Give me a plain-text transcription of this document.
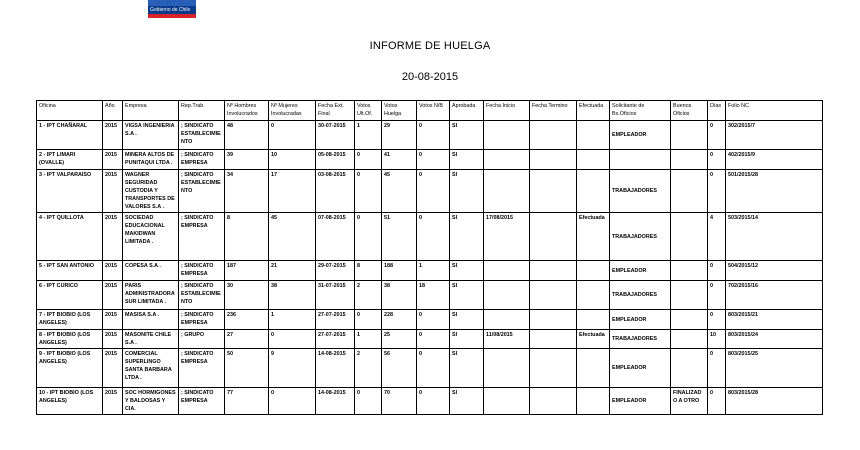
Gobierno de Chile
INFORME DE HUELGA
20-08-2015
Oficina	Año	Empresa	Rep.Trab.	Nº Hombres Involucrados	Nº Mujeres Involucradas	Fecha Ext. Final	Votos Ult.Of.	Votos Huelga	Votos N/B	Aprobada	Fecha Inicio	Fecha Termino	Efectuada	Solicitante de Bs.Oficios	Buenos Oficios	Días	Folio NC
1 - IPT CHAÑARAL	2015	VIGSA INGENIERIA S.A .	; SINDICATO ESTABLECIMIENTO	48	0	30-07-2015	1	29	0	SI				EMPLEADOR		0	302/2015/7
2 - IPT LIMARI (OVALLE)	2015	MINERA ALTOS DE PUNITAQUI LTDA .	; SINDICATO EMPRESA	39	10	05-08-2015	0	41	0	SI						0	402/2015/9
3 - IPT VALPARAISO	2015	WAGNER SEGURIDAD CUSTODIA Y TRANSPORTES DE VALORES S.A .	; SINDICATO ESTABLECIMIENTO	34	17	03-08-2015	0	45	0	SI				TRABAJADORES		0	501/2015/28
4 - IPT QUILLOTA	2015	SOCIEDAD EDUCACIONAL MAKIDWAN LIMITADA .	; SINDICATO EMPRESA	8	45	07-08-2015	0	51	0	SI	17/08/2015		Efectuada	TRABAJADORES		4	503/2015/14
5 - IPT SAN ANTONIO	2015	COPESA S.A .	; SINDICATO EMPRESA	187	21	29-07-2015	8	188	1	SI				EMPLEADOR		0	504/2015/12
6 - IPT CURICO	2015	PARIS ADMINISTRADORA SUR LIMITADA .	; SINDICATO ESTABLECIMIENTO	30	38	31-07-2015	2	38	18	SI				TRABAJADORES		0	702/2015/16
7 - IPT BIOBIO (LOS ANGELES)	2015	MASISA S.A .	; SINDICATO EMPRESA	236	1	27-07-2015	0	228	0	SI				EMPLEADOR		0	803/2015/21
8 - IPT BIOBIO (LOS ANGELES)	2015	MASONITE CHILE S.A .	; GRUPO	27	0	27-07-2015	1	25	0	SI	11/08/2015		Efectuada	TRABAJADORES		10	803/2015/24
9 - IPT BIOBIO (LOS ANGELES)	2015	COMERCIAL SUPERLINGO SANTA BARBARA LTDA .	; SINDICATO EMPRESA	50	9	14-08-2015	2	56	0	SI				EMPLEADOR		0	803/2015/25
10 - IPT BIOBIO (LOS ANGELES)	2015	SOC HORMIGONES Y BALDOSAS Y CIA.	; SINDICATO EMPRESA	77	0	14-08-2015	0	70	0	SI				EMPLEADOR	FINALIZADO A OTRO	0	803/2015/28
